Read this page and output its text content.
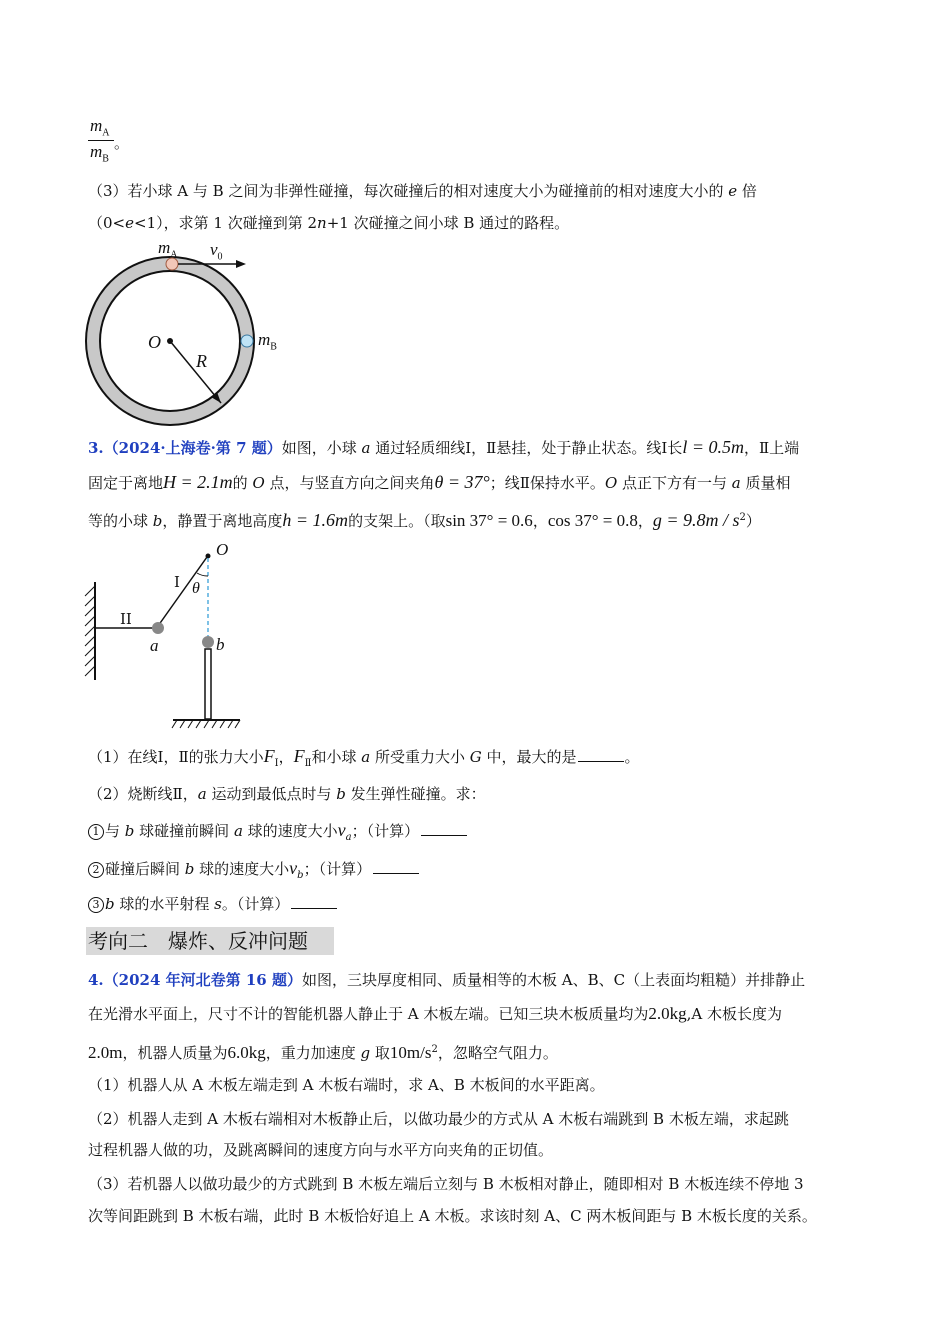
$m_A$
$m_B$
。
（3）若小球 A 与 B 之间为非弹性碰撞，每次碰撞后的相对速度大小为碰撞前的相对速度大小的 e 倍
（0<e<1），求第 1 次碰撞到第 2n+1 次碰撞之间小球 B 通过的路程。
$m_A$ $v_0$
O
R
$m_B$
3.（2024·上海卷·第 7 题）如图，小球 a 通过轻质细线Ⅰ，Ⅱ悬挂，处于静止状态。线Ⅰ长l = 0.5m，Ⅱ上端
固定于离地H = 2.1m的 O 点，与竖直方向之间夹角θ = 37°；线Ⅱ保持水平。O 点正下方有一与 a 质量相
等的小球 b，静置于离地高度h = 1.6m的支架上。（取sin 37° = 0.6，cos 37° = 0.8，$g = 9.8m / s^2$）
O
I θ
II
a	b
（1）在线Ⅰ，Ⅱ的张力大小$F_Ⅰ$，$F_Ⅱ$和小球 a 所受重力大小 G 中，最大的是	。
（2）烧断线Ⅱ，a 运动到最低点时与 b 发生弹性碰撞。求：
1 与 b 球碰撞前瞬间 a 球的速度大小$v_a$；（计算）
2 碰撞后瞬间 b 球的速度大小$v_b$；（计算）
3 b 球的水平射程 s。（计算）
考向二　爆炸、反冲问题
4.（2024 年河北卷第 16 题）如图，三块厚度相同、质量相等的木板 A、B、C（上表面均粗糙）并排静止
在光滑水平面上，尺寸不计的智能机器人静止于 A 木板左端。已知三块木板质量均为2.0kg,A 木板长度为
2.0m，机器人质量为6.0kg，重力加速度 g 取$10m/s^2$，忽略空气阻力。
（1）机器人从 A 木板左端走到 A 木板右端时，求 A、B 木板间的水平距离。
（2）机器人走到 A 木板右端相对木板静止后，以做功最少的方式从 A 木板右端跳到 B 木板左端，求起跳
过程机器人做的功，及跳离瞬间的速度方向与水平方向夹角的正切值。
（3）若机器人以做功最少的方式跳到 B 木板左端后立刻与 B 木板相对静止，随即相对 B 木板连续不停地 3
次等间距跳到 B 木板右端，此时 B 木板恰好追上 A 木板。求该时刻 A、C 两木板间距与 B 木板长度的关系。
